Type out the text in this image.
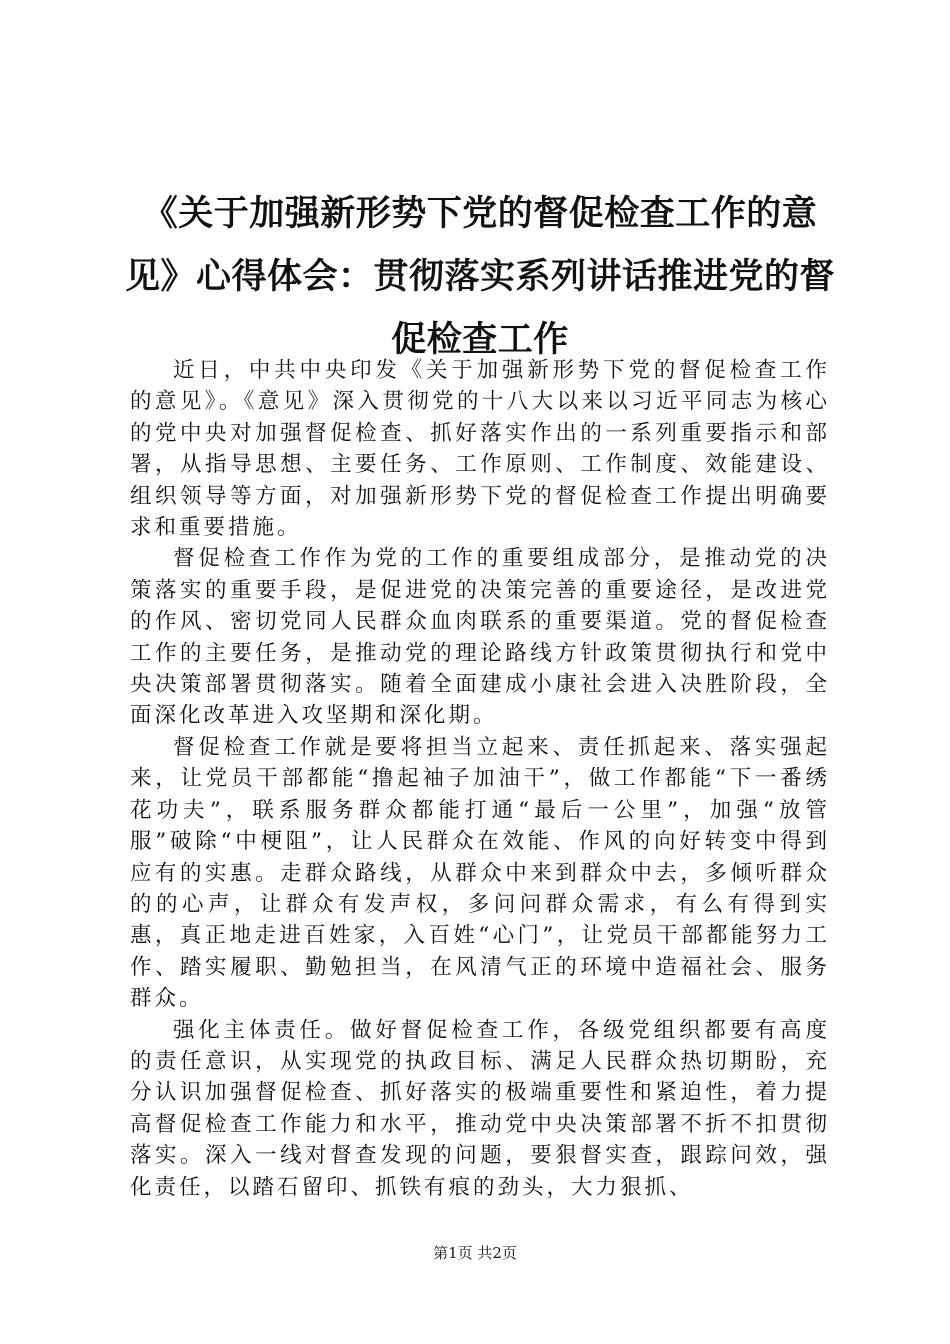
《关于加强新形势下党的督促检查工作的意见》心得体会：贯彻落实系列讲话推进党的督促检查工作

近日，中共中央印发《关于加强新形势下党的督促检查工作的意见》。《意见》深入贯彻党的十八大以来以习近平同志为核心的党中央对加强督促检查、抓好落实作出的一系列重要指示和部署，从指导思想、主要任务、工作原则、工作制度、效能建设、组织领导等方面，对加强新形势下党的督促检查工作提出明确要求和重要措施。

督促检查工作作为党的工作的重要组成部分，是推动党的决策落实的重要手段，是促进党的决策完善的重要途径，是改进党的作风、密切党同人民群众血肉联系的重要渠道。党的督促检查工作的主要任务，是推动党的理论路线方针政策贯彻执行和党中央决策部署贯彻落实。随着全面建成小康社会进入决胜阶段，全面深化改革进入攻坚期和深化期。

督促检查工作就是要将担当立起来、责任抓起来、落实强起来，让党员干部都能“撸起袖子加油干”，做工作都能“下一番绣花功夫”，联系服务群众都能打通“最后一公里”，加强“放管服”破除“中梗阻”，让人民群众在效能、作风的向好转变中得到应有的实惠。走群众路线，从群众中来到群众中去，多倾听群众的的心声，让群众有发声权，多问问群众需求，有么有得到实惠，真正地走进百姓家，入百姓“心门”，让党员干部都能努力工作、踏实履职、勤勉担当，在风清气正的环境中造福社会、服务群众。

强化主体责任。做好督促检查工作，各级党组织都要有高度的责任意识，从实现党的执政目标、满足人民群众热切期盼，充分认识加强督促检查、抓好落实的极端重要性和紧迫性，着力提高督促检查工作能力和水平，推动党中央决策部署不折不扣贯彻落实。深入一线对督查发现的问题，要狠督实查，跟踪问效，强化责任，以踏石留印、抓铁有痕的劲头，大力狠抓、

第1页 共2页
